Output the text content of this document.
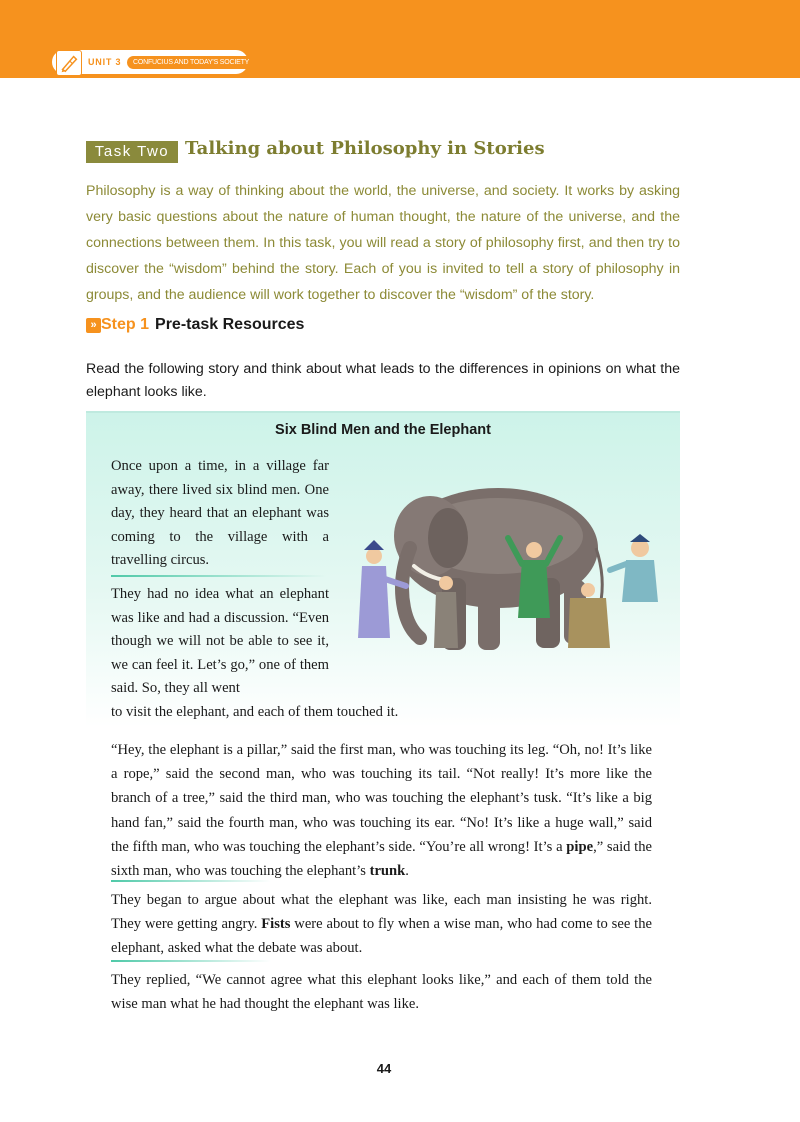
UNIT 3	CONFUCIUS AND TODAY'S SOCIETY
Task Two Talking about Philosophy in Stories
Philosophy is a way of thinking about the world, the universe, and society. It works by asking very basic questions about the nature of human thought, the nature of the universe, and the connections between them. In this task, you will read a story of philosophy first, and then try to discover the “wisdom” behind the story. Each of you is invited to tell a story of philosophy in groups, and the audience will work together to discover the “wisdom” of the story.
» Step 1 Pre-task Resources
Read the following story and think about what leads to the differences in opinions on what the elephant looks like.
Six Blind Men and the Elephant
Once upon a time, in a village far away, there lived six blind men. One day, they heard that an elephant was coming to the village with a travelling circus.
They had no idea what an elephant was like and had a discussion. “Even though we will not be able to see it, we can feel it. Let’s go,” one of them said. So, they all went
to visit the elephant, and each of them touched it.
“Hey, the elephant is a pillar,” said the first man, who was touching its leg. “Oh, no! It’s like a rope,” said the second man, who was touching its tail. “Not really! It’s more like the branch of a tree,” said the third man, who was touching the elephant’s tusk. “It’s like a big hand fan,” said the fourth man, who was touching its ear. “No! It’s like a huge wall,” said the fifth man, who was touching the elephant’s side. “You’re all wrong! It’s a pipe,” said the sixth man, who was touching the elephant’s trunk.
They began to argue about what the elephant was like, each man insisting he was right. They were getting angry. Fists were about to fly when a wise man, who had come to see the elephant, asked what the debate was about.
They replied, “We cannot agree what this elephant looks like,” and each of them told the wise man what he had thought the elephant was like.
44
